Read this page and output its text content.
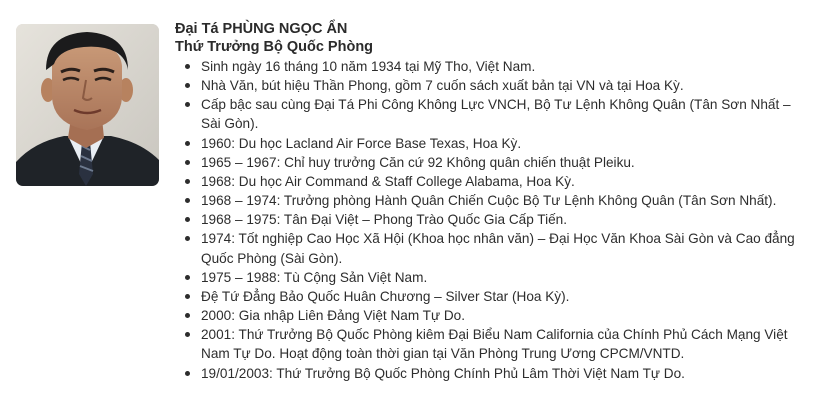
Đại Tá PHÙNG NGỌC ẨN

Thứ Trưởng Bộ Quốc Phòng

Sinh ngày 16 tháng 10 năm 1934 tại Mỹ Tho, Việt Nam.
Nhà Văn, bút hiệu Thần Phong, gồm 7 cuốn sách xuất bản tại VN và tại Hoa Kỳ.
Cấp bậc sau cùng Đại Tá Phi Công Không Lực VNCH, Bộ Tư Lệnh Không Quân (Tân Sơn Nhất – Sài Gòn).
1960: Du học Lacland Air Force Base Texas, Hoa Kỳ.
1965 – 1967: Chỉ huy trưởng Căn cứ 92 Không quân chiến thuật Pleiku.
1968: Du học Air Command & Staff College Alabama, Hoa Kỳ.
1968 – 1974: Trưởng phòng Hành Quân Chiến Cuộc Bộ Tư Lệnh Không Quân (Tân Sơn Nhất).
1968 – 1975: Tân Đại Việt – Phong Trào Quốc Gia Cấp Tiến.
1974: Tốt nghiệp Cao Học Xã Hội (Khoa học nhân văn) – Đại Học Văn Khoa Sài Gòn và Cao đẳng Quốc Phòng (Sài Gòn).
1975 – 1988: Tù Cộng Sản Việt Nam.
Đệ Tứ Đẳng Bảo Quốc Huân Chương – Silver Star (Hoa Kỳ).
2000: Gia nhập Liên Đảng Việt Nam Tự Do.
2001: Thứ Trưởng Bộ Quốc Phòng kiêm Đại Biểu Nam California của Chính Phủ Cách Mạng Việt Nam Tự Do. Hoạt động toàn thời gian tại Văn Phòng Trung Ương CPCM/VNTD.
19/01/2003: Thứ Trưởng Bộ Quốc Phòng Chính Phủ Lâm Thời Việt Nam Tự Do.
